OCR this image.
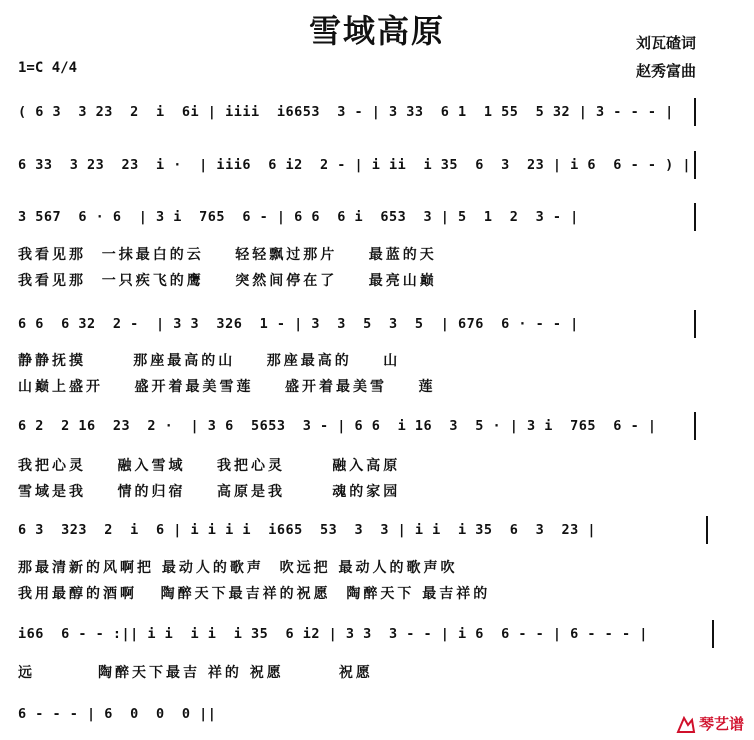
雪域高原	刘瓦碴词
赵秀富曲
1=C 4/4
( 6 3  3 23  2  i  6i | iiii  i6653  3 - | 3 33  6 1  1 55  5 32 | 3 - - - |
6 33  3 23  23  i ·  | iii6  6 i2  2 - | i ii  i 35  6  3  23 | i 6  6 - - ) |
3 567  6 · 6  | 3 i  765  6 - | 6 6  6 i  653  3 | 5  1  2  3 - |
我看见那  一抹最白的云    轻轻飘过那片    最蓝的天
我看见那  一只疾飞的鹰    突然间停在了    最亮山巅
6 6  6 32  2 -  | 3 3  326  1 - | 3  3  5  3  5  | 676  6 · - - |
静静抚摸      那座最高的山    那座最高的    山
山巅上盛开    盛开着最美雪莲    盛开着最美雪    莲
6 2  2 16  23  2 ·  | 3 6  5653  3 - | 6 6  i 16  3  5 · | 3 i  765  6 - |
我把心灵    融入雪域    我把心灵      融入高原
雪域是我    情的归宿    高原是我      魂的家园
6 3  323  2  i  6 | i i i i  i665  53  3  3 | i i  i 35  6  3  23 |
那最清新的风啊把 最动人的歌声  吹远把 最动人的歌声吹
我用最醇的酒啊   陶醉天下最吉祥的祝愿  陶醉天下 最吉祥的
i66  6 - - :|| i i  i i  i 35  6 i2 | 3 3  3 - - | i 6  6 - - | 6 - - - |
远        陶醉天下最吉 祥的 祝愿       祝愿
6 - - - | 6  0  0  0 ||
琴艺谱
